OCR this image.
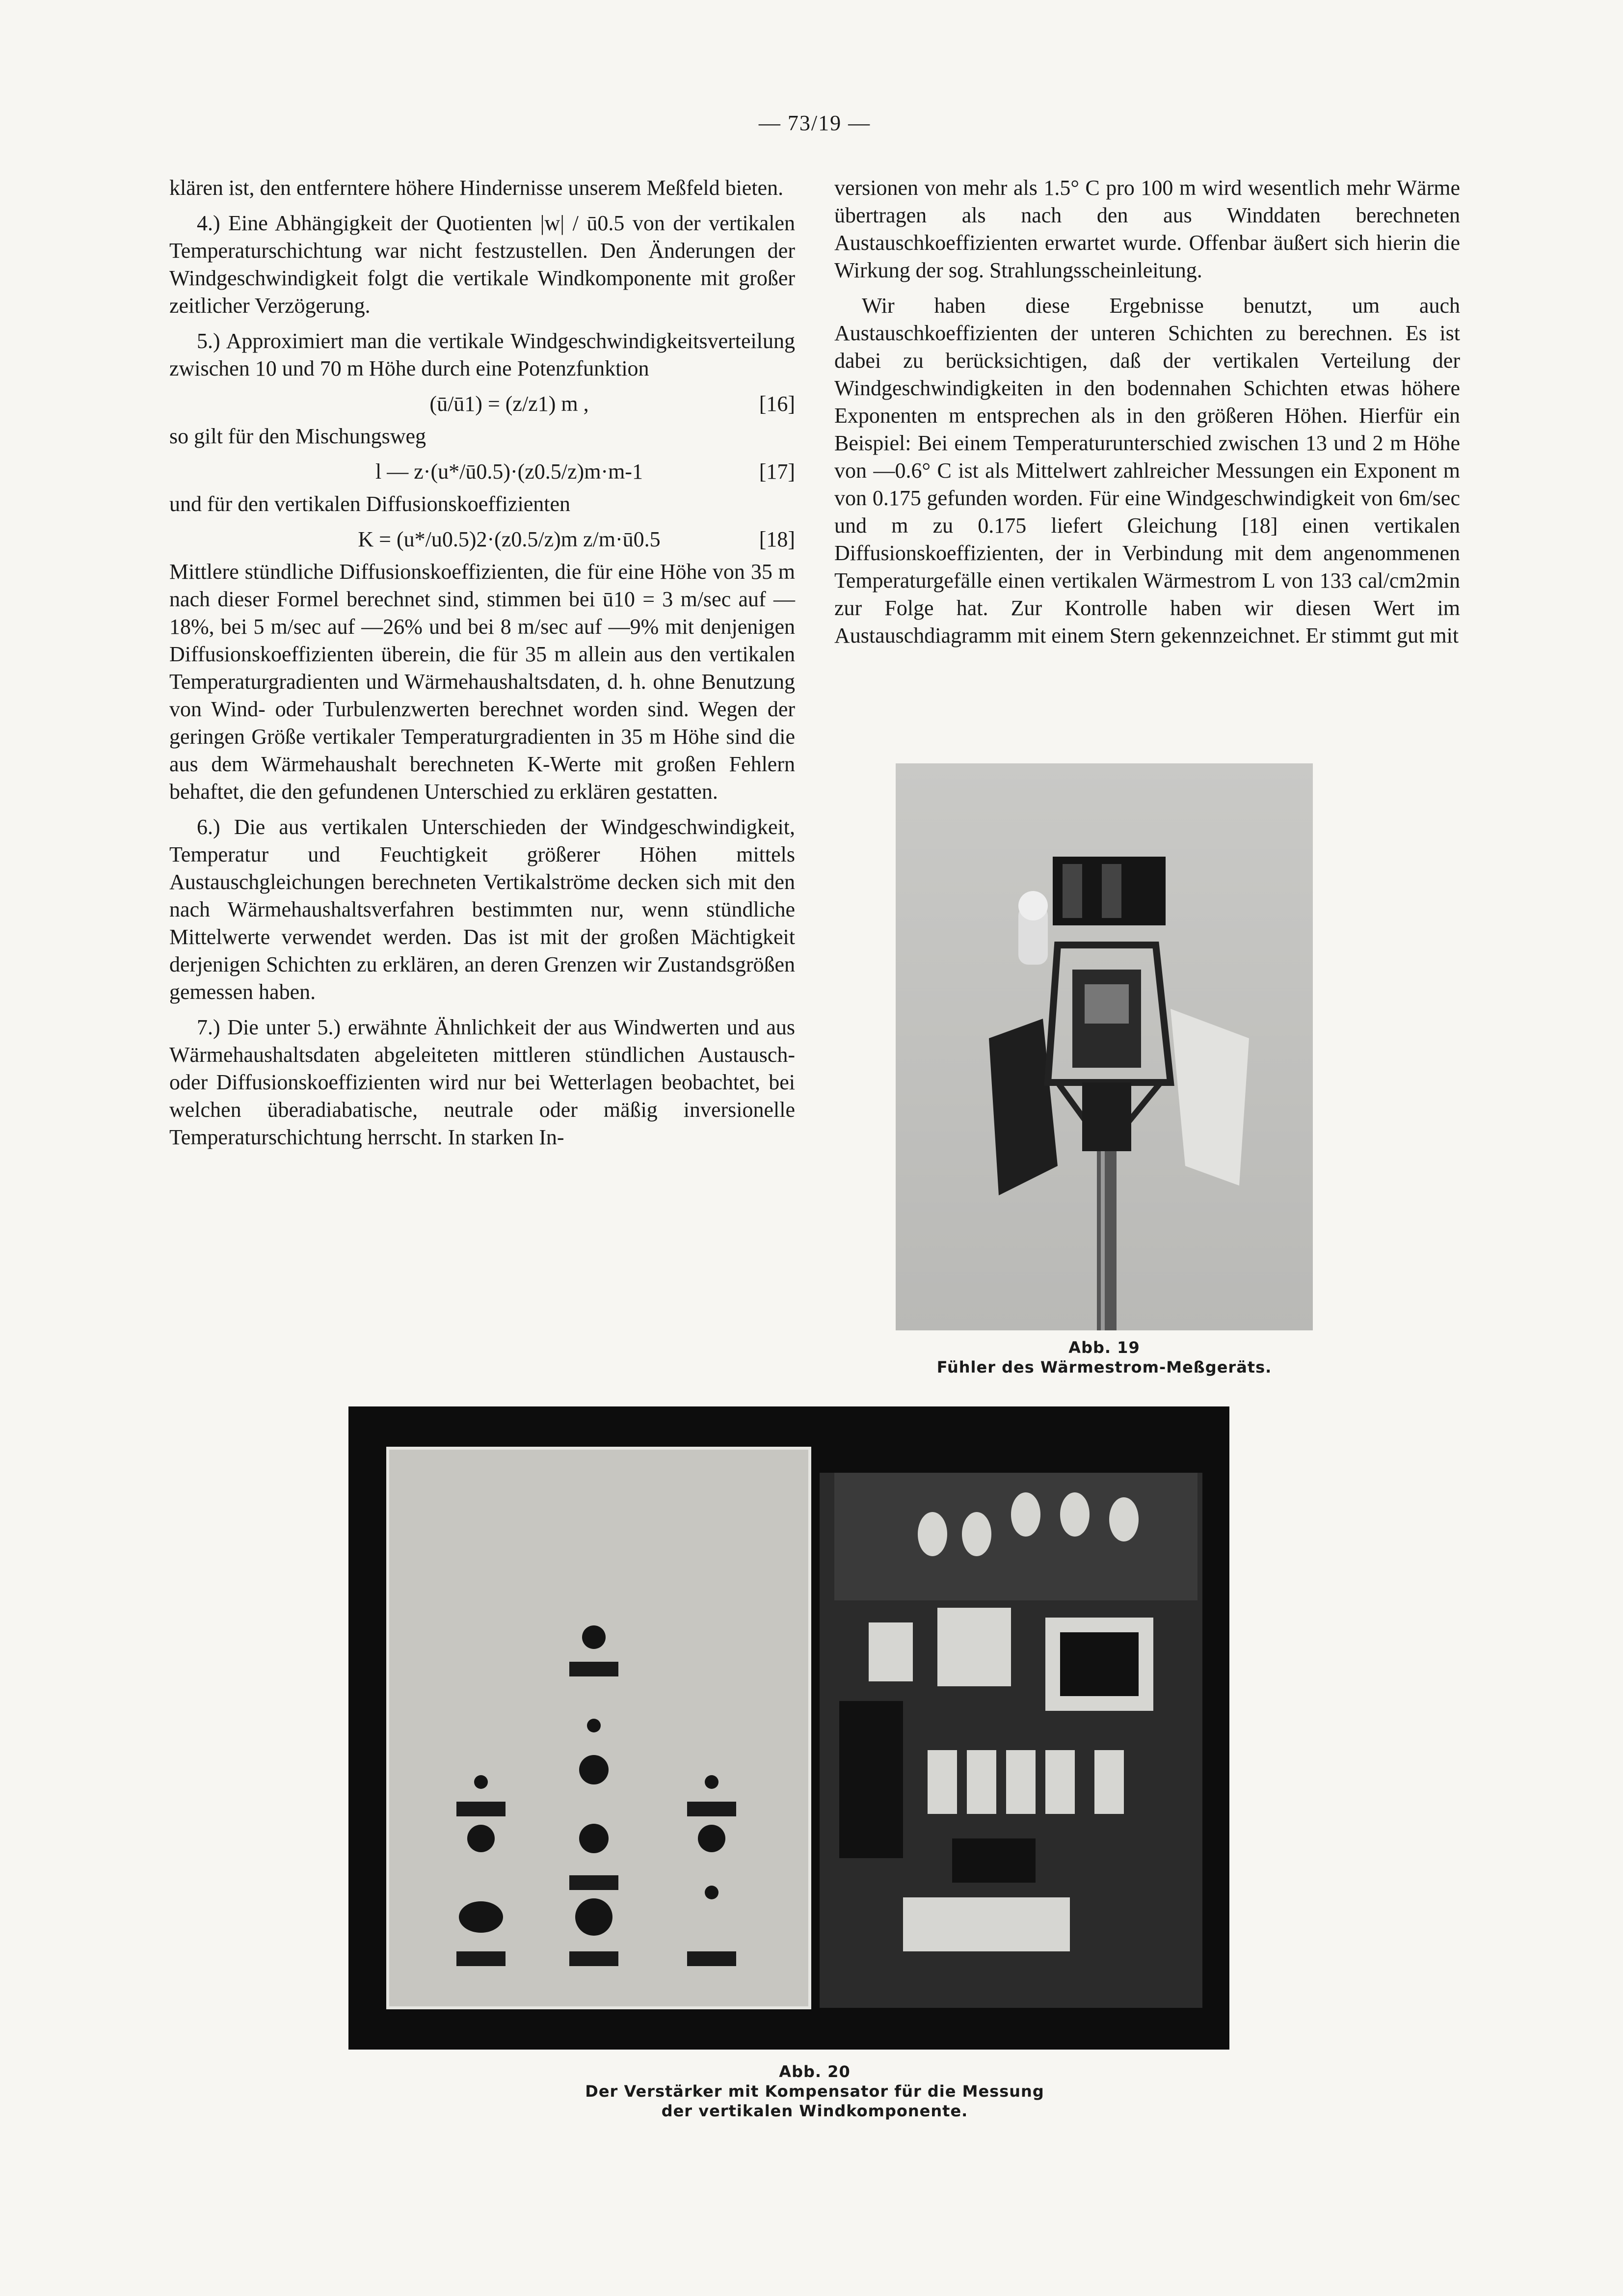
— 73/19 —

klären ist, den entferntere höhere Hindernisse unserem Meßfeld bieten.

4.) Eine Abhängigkeit der Quotienten |w| / ū0.5 von der vertikalen Temperaturschichtung war nicht festzustellen. Den Änderungen der Windgeschwindigkeit folgt die vertikale Windkomponente mit großer zeitlicher Verzögerung.

5.) Approximiert man die vertikale Windgeschwindigkeitsverteilung zwischen 10 und 70 m Höhe durch eine Potenzfunktion

(ū/ū1) = (z/z1) m ,	[16]

so gilt für den Mischungsweg

l — z·(u*/ū0.5)·(z0.5/z)m·m-1	[17]

und für den vertikalen Diffusionskoeffizienten

K = (u*/u0.5)2·(z0.5/z)m z/m·ū0.5	[18]

Mittlere stündliche Diffusionskoeffizienten, die für eine Höhe von 35 m nach dieser Formel berechnet sind, stimmen bei ū10 = 3 m/sec auf —18%, bei 5 m/sec auf —26% und bei 8 m/sec auf —9% mit denjenigen Diffusionskoeffizienten überein, die für 35 m allein aus den vertikalen Temperaturgradienten und Wärmehaushaltsdaten, d. h. ohne Benutzung von Wind- oder Turbulenzwerten berechnet worden sind. Wegen der geringen Größe vertikaler Temperaturgradienten in 35 m Höhe sind die aus dem Wärmehaushalt berechneten K-Werte mit großen Fehlern behaftet, die den gefundenen Unterschied zu erklären gestatten.

6.) Die aus vertikalen Unterschieden der Windgeschwindigkeit, Temperatur und Feuchtigkeit größerer Höhen mittels Austauschgleichungen berechneten Vertikalströme decken sich mit den nach Wärmehaushaltsverfahren bestimmten nur, wenn stündliche Mittelwerte verwendet werden. Das ist mit der großen Mächtigkeit derjenigen Schichten zu erklären, an deren Grenzen wir Zustandsgrößen gemessen haben.

7.) Die unter 5.) erwähnte Ähnlichkeit der aus Windwerten und aus Wärmehaushaltsdaten abgeleiteten mittleren stündlichen Austausch- oder Diffusionskoeffizienten wird nur bei Wetterlagen beobachtet, bei welchen überadiabatische, neutrale oder mäßig inversionelle Temperaturschichtung herrscht. In starken In-

versionen von mehr als 1.5° C pro 100 m wird wesentlich mehr Wärme übertragen als nach den aus Winddaten berechneten Austauschkoeffizienten erwartet wurde. Offenbar äußert sich hierin die Wirkung der sog. Strahlungsscheinleitung.

Wir haben diese Ergebnisse benutzt, um auch Austauschkoeffizienten der unteren Schichten zu berechnen. Es ist dabei zu berücksichtigen, daß der vertikalen Verteilung der Windgeschwindigkeiten in den bodennahen Schichten etwas höhere Exponenten m entsprechen als in den größeren Höhen. Hierfür ein Beispiel: Bei einem Temperaturunterschied zwischen 13 und 2 m Höhe von —0.6° C ist als Mittelwert zahlreicher Messungen ein Exponent m von 0.175 gefunden worden. Für eine Windgeschwindigkeit von 6m/sec und m zu 0.175 liefert Gleichung [18] einen vertikalen Diffusionskoeffizienten, der in Verbindung mit dem angenommenen Temperaturgefälle einen vertikalen Wärmestrom L von 133 cal/cm2min zur Folge hat. Zur Kontrolle haben wir diesen Wert im Austauschdiagramm mit einem Stern gekennzeichnet. Er stimmt gut mit

Abb. 19
Fühler des Wärmestrom-Meßgeräts.
Abb. 20
Der Verstärker mit Kompensator für die Messung
der vertikalen Windkomponente.
